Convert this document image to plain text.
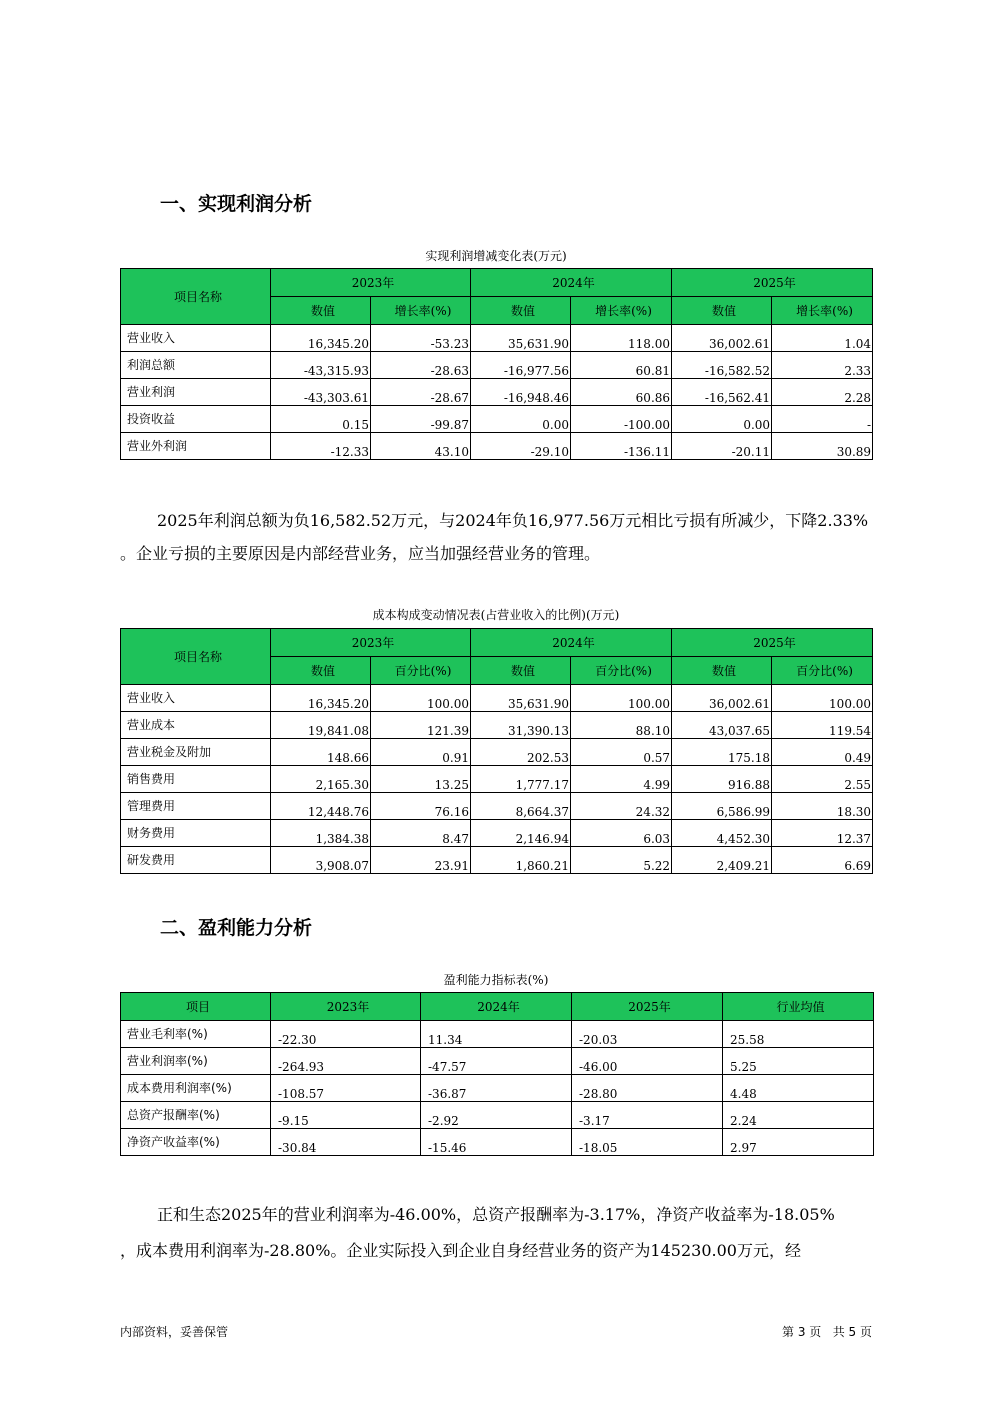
一、实现利润分析
实现利润增减变化表(万元)
项目名称	2023年		2024年		2025年	
	数值	增长率(%)	数值	增长率(%)	数值	增长率(%)
营业收入	16,345.20	-53.23	35,631.90	118.00	36,002.61	1.04
利润总额	-43,315.93	-28.63	-16,977.56	60.81	-16,582.52	2.33
营业利润	-43,303.61	-28.67	-16,948.46	60.86	-16,562.41	2.28
投资收益	0.15	-99.87	0.00	-100.00	0.00	-
营业外利润	-12.33	43.10	-29.10	-136.11	-20.11	30.89

2025年利润总额为负16,582.52万元，与2024年负16,977.56万元相比亏损有所减少，下降2.33%

。企业亏损的主要原因是内部经营业务，应当加强经营业务的管理。

成本构成变动情况表(占营业收入的比例)(万元)
项目名称	2023年		2024年		2025年	
	数值	百分比(%)	数值	百分比(%)	数值	百分比(%)
营业收入	16,345.20	100.00	35,631.90	100.00	36,002.61	100.00
营业成本	19,841.08	121.39	31,390.13	88.10	43,037.65	119.54
营业税金及附加	148.66	0.91	202.53	0.57	175.18	0.49
销售费用	2,165.30	13.25	1,777.17	4.99	916.88	2.55
管理费用	12,448.76	76.16	8,664.37	24.32	6,586.99	18.30
财务费用	1,384.38	8.47	2,146.94	6.03	4,452.30	12.37
研发费用	3,908.07	23.91	1,860.21	5.22	2,409.21	6.69
二、盈利能力分析
盈利能力指标表(%)
项目	2023年	2024年	2025年	行业均值
营业毛利率(%)	-22.30	11.34	-20.03	25.58
营业利润率(%)	-264.93	-47.57	-46.00	5.25
成本费用利润率(%)	-108.57	-36.87	-28.80	4.48
总资产报酬率(%)	-9.15	-2.92	-3.17	2.24
净资产收益率(%)	-30.84	-15.46	-18.05	2.97

正和生态2025年的营业利润率为-46.00%，总资产报酬率为-3.17%，净资产收益率为-18.05%

，成本费用利润率为-28.80%。企业实际投入到企业自身经营业务的资产为145230.00万元，经

内部资料，妥善保管	第 3 页   共 5 页
